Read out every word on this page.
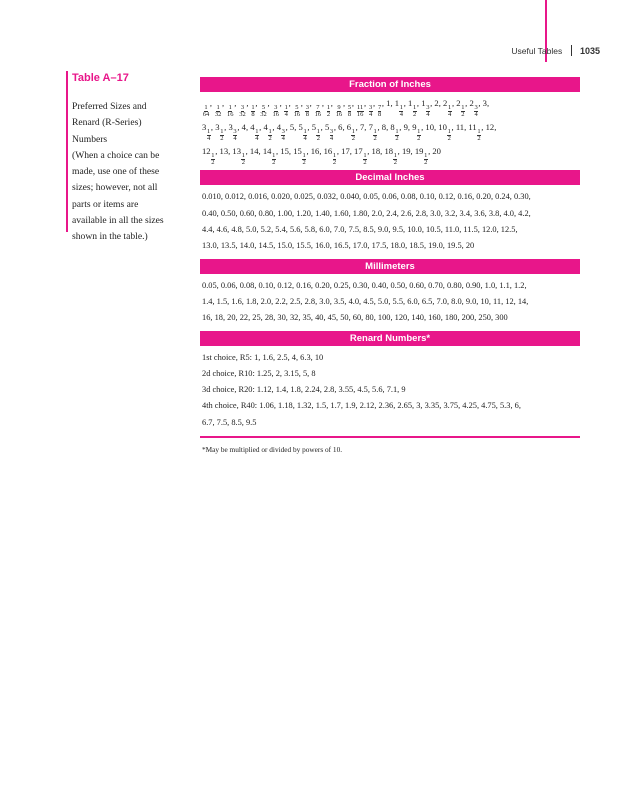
Useful Tables 1035
Table A–17

Preferred Sizes and

Renard (R-Series)

Numbers

(When a choice can be

made, use one of these

sizes; however, not all

parts or items are

available in all the sizes

shown in the table.)

Fraction of Inches
$\frac{1}{64}$
,
$\frac{1}{32}$
,
$\frac{1}{16}$
,
$\frac{3}{32}$
,
$\frac{1}{8}$
,
$\frac{5}{32}$
,
$\frac{3}{16}$
,
$\frac{1}{4}$
,
$\frac{5}{16}$
,
$\frac{3}{8}$
,
$\frac{7}{16}$
,
$\frac{1}{2}$
,
$\frac{9}{16}$
,
$\frac{5}{8}$
,
$\frac{11}{16}$
,
$\frac{3}{4}$
,
$\frac{7}{8}$
, 1, 1
$\frac{1}{4}$
, 1
$\frac{1}{2}$
, 1
$\frac{3}{4}$
, 2, 2
$\frac{1}{4}$
, 2
$\frac{1}{2}$
, 2
$\frac{3}{4}$
, 3,
3
$\frac{1}{4}$
, 3
$\frac{1}{2}$
, 3
$\frac{3}{4}$
, 4, 4
$\frac{1}{4}$
, 4
$\frac{1}{2}$
, 4
$\frac{3}{4}$
, 5, 5
$\frac{1}{4}$
, 5
$\frac{1}{2}$
, 5
$\frac{3}{4}$
, 6, 6
$\frac{1}{2}$
, 7, 7
$\frac{1}{2}$
, 8, 8
$\frac{1}{2}$
, 9, 9
$\frac{1}{2}$
, 10, 10
$\frac{1}{2}$
, 11, 11
$\frac{1}{2}$
, 12,
12
$\frac{1}{2}$
, 13, 13
$\frac{1}{2}$
, 14, 14
$\frac{1}{2}$
, 15, 15
$\frac{1}{2}$
, 16, 16
$\frac{1}{2}$
, 17, 17
$\frac{1}{2}$
, 18, 18
$\frac{1}{2}$
, 19, 19
$\frac{1}{2}$
, 20
Decimal Inches

0.010, 0.012, 0.016, 0.020, 0.025, 0.032, 0.040, 0.05, 0.06, 0.08, 0.10, 0.12, 0.16, 0.20, 0.24, 0.30,

0.40, 0.50, 0.60, 0.80, 1.00, 1.20, 1.40, 1.60, 1.80, 2.0, 2.4, 2.6, 2.8, 3.0, 3.2, 3.4, 3.6, 3.8, 4.0, 4.2,

4.4, 4.6, 4.8, 5.0, 5.2, 5.4, 5.6, 5.8, 6.0, 7.0, 7.5, 8.5, 9.0, 9.5, 10.0, 10.5, 11.0, 11.5, 12.0, 12.5,

13.0, 13.5, 14.0, 14.5, 15.0, 15.5, 16.0, 16.5, 17.0, 17.5, 18.0, 18.5, 19.0, 19.5, 20

Millimeters

0.05, 0.06, 0.08, 0.10, 0.12, 0.16, 0.20, 0.25, 0.30, 0.40, 0.50, 0.60, 0.70, 0.80, 0.90, 1.0, 1.1, 1.2,

1.4, 1.5, 1.6, 1.8, 2.0, 2.2, 2.5, 2.8, 3.0, 3.5, 4.0, 4.5, 5.0, 5.5, 6.0, 6.5, 7.0, 8.0, 9.0, 10, 11, 12, 14,

16, 18, 20, 22, 25, 28, 30, 32, 35, 40, 45, 50, 60, 80, 100, 120, 140, 160, 180, 200, 250, 300

Renard Numbers*

1st choice, R5: 1, 1.6, 2.5, 4, 6.3, 10

2d choice, R10: 1.25, 2, 3.15, 5, 8

3d choice, R20: 1.12, 1.4, 1.8, 2.24, 2.8, 3.55, 4.5, 5.6, 7.1, 9

4th choice, R40: 1.06, 1.18, 1.32, 1.5, 1.7, 1.9, 2.12, 2.36, 2.65, 3, 3.35, 3.75, 4.25, 4.75, 5.3, 6,

6.7, 7.5, 8.5, 9.5

*May be multiplied or divided by powers of 10.
